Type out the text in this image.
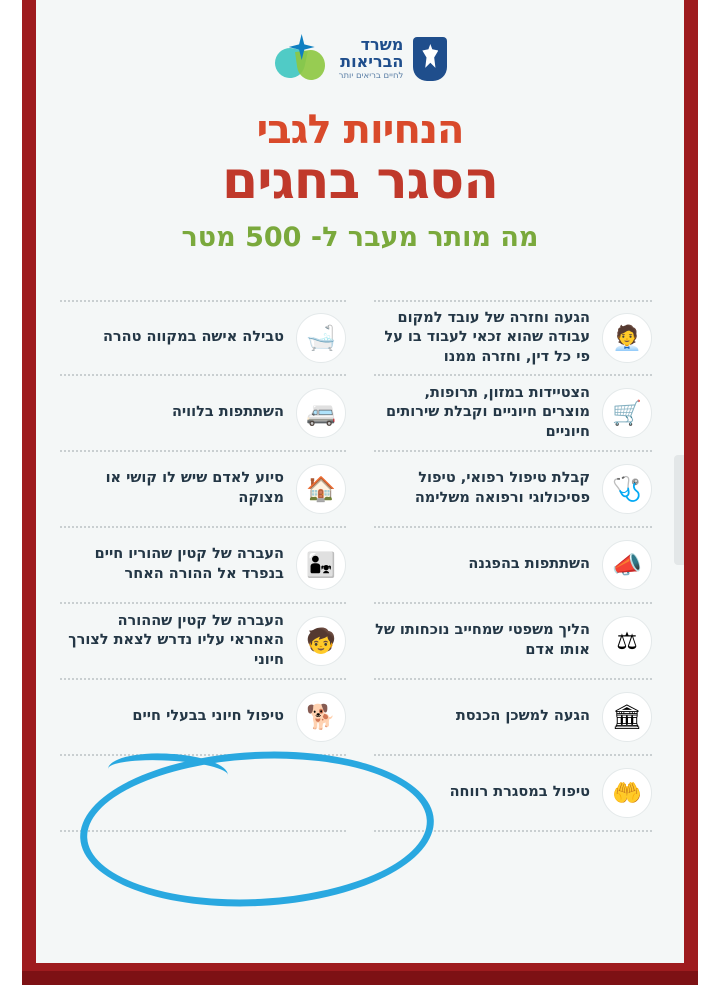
משרד
הבריאות
לחיים בריאים יותר
הנחיות לגבי
הסגר בחגים
מה מותר מעבר ל- 500 מטר
🧑‍💼
הגעה וחזרה של עובד למקום עבודה שהוא זכאי לעבוד בו על פי כל דין, וחזרה ממנו
🛒
הצטיידות במזון, תרופות, מוצרים חיוניים וקבלת שירותים חיוניים
🩺
קבלת טיפול רפואי, טיפול פסיכולוגי ורפואה משלימה
📣
השתתפות בהפגנה
⚖
הליך משפטי שמחייב נוכחותו של אותו אדם
🏛
הגעה למשכן הכנסת
🤲
טיפול במסגרת רווחה
🛁
טבילה אישה במקווה טהרה
🚐
השתתפות בלוויה
🏠
סיוע לאדם שיש לו קושי או מצוקה
👨‍👧
העברה של קטין שהוריו חיים בנפרד אל ההורה האחר
🧒
העברה של קטין שההורה האחראי עליו נדרש לצאת לצורך חיוני
🐕
טיפול חיוני בבעלי חיים
